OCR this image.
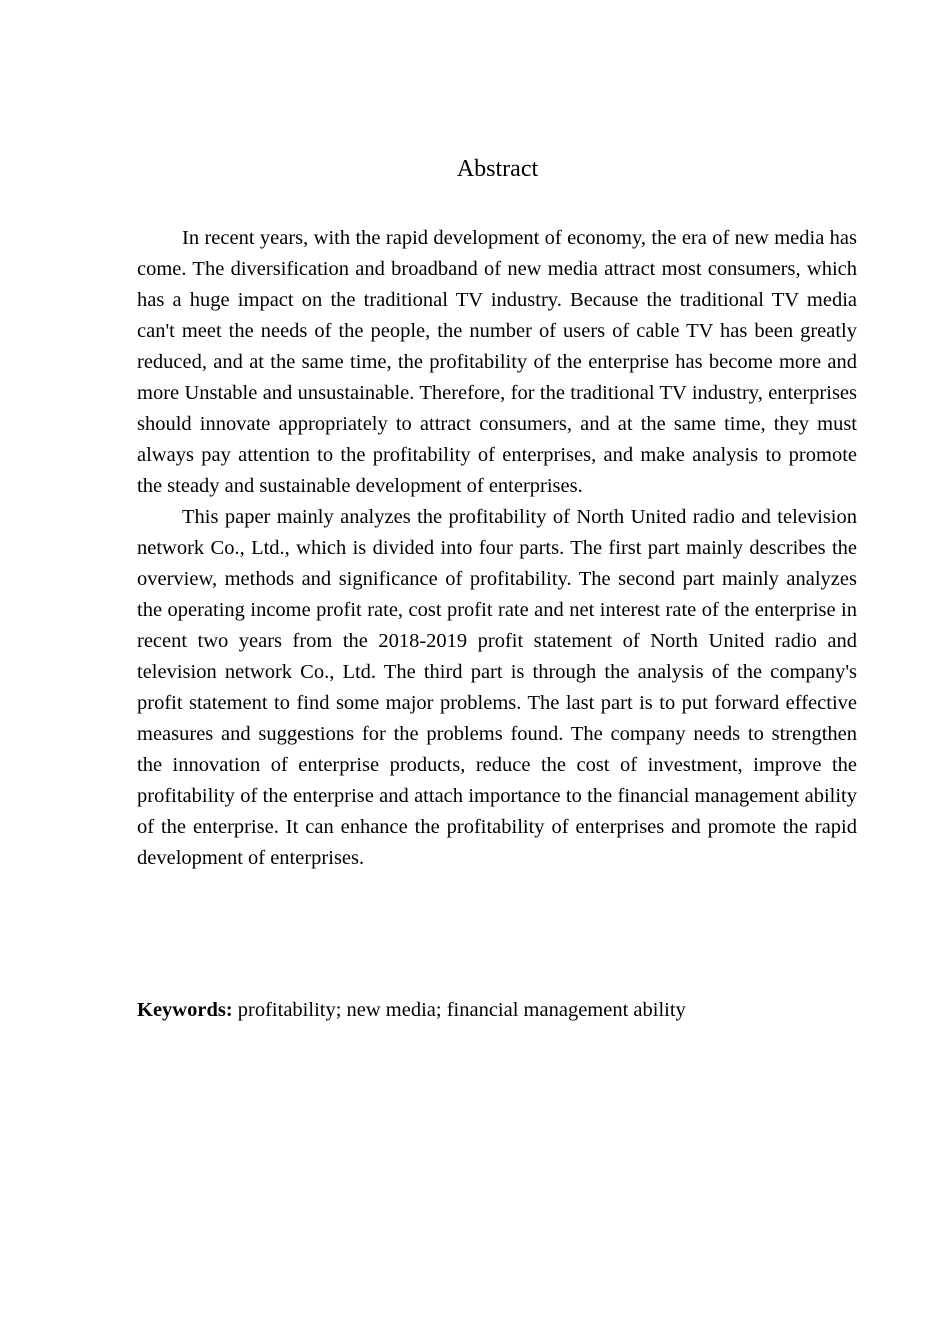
Abstract

In recent years, with the rapid development of economy, the era of new media has come. The diversification and broadband of new media attract most consumers, which has a huge impact on the traditional TV industry. Because the traditional TV media can't meet the needs of the people, the number of users of cable TV has been greatly reduced, and at the same time, the profitability of the enterprise has become more and more Unstable and unsustainable. Therefore, for the traditional TV industry, enterprises should innovate appropriately to attract consumers, and at the same time, they must always pay attention to the profitability of enterprises, and make analysis to promote the steady and sustainable development of enterprises.

This paper mainly analyzes the profitability of North United radio and television network Co., Ltd., which is divided into four parts. The first part mainly describes the overview, methods and significance of profitability. The second part mainly analyzes the operating income profit rate, cost profit rate and net interest rate of the enterprise in recent two years from the 2018-2019 profit statement of North United radio and television network Co., Ltd. The third part is through the analysis of the company's profit statement to find some major problems. The last part is to put forward effective measures and suggestions for the problems found. The company needs to strengthen the innovation of enterprise products, reduce the cost of investment, improve the profitability of the enterprise and attach importance to the financial management ability of the enterprise. It can enhance the profitability of enterprises and promote the rapid development of enterprises.

Keywords: profitability; new media; financial management ability
